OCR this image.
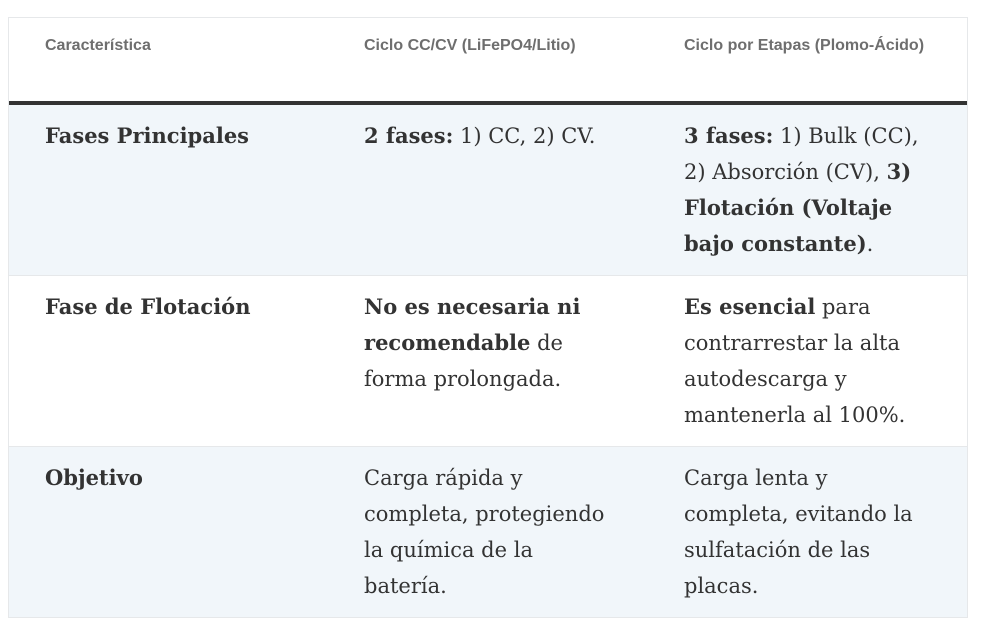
Característica	Ciclo CC/CV (LiFePO4/Litio)	Ciclo por Etapas (Plomo-Ácido)
Fases Principales	2 fases: 1) CC, 2) CV.	3 fases: 1) Bulk (CC), 2) Absorción (CV), 3) Flotación (Voltaje bajo constante).
Fase de Flotación	No es necesaria ni recomendable de forma prolongada.	Es esencial para contrarrestar la alta autodescarga y mantenerla al 100%.
Objetivo	Carga rápida y completa, protegiendo la química de la batería.	Carga lenta y completa, evitando la sulfatación de las placas.
